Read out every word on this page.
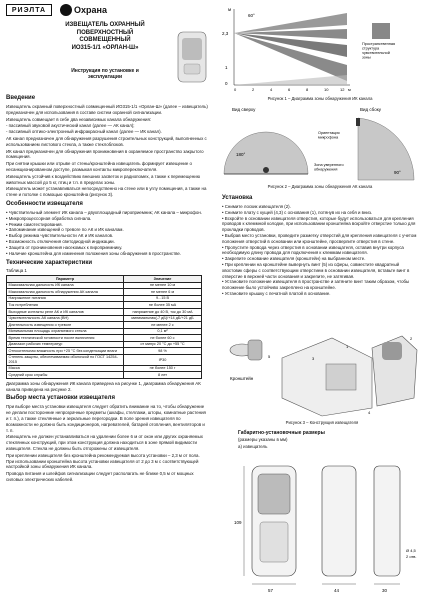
РИЭЛТА	Охрана
ИЗВЕЩАТЕЛЬ ОХРАННЫЙ
ПОВЕРХНОСТНЫЙ
СОВМЕЩЕННЫЙ
ИО315-1/1 «ОРЛАН-Ш»
Инструкция по установке и
эксплуатации
Введение

Извещатель охранный поверхностный совмещенный ИО315-1/1 «Орлан-Ш» (далее – извещатель) предназначен для использования в составе систем охранной сигнализации.

Извещатель совмещает в себе два независимых канала обнаружения:

- пассивный звуковой акустический канал (далее — АК канал);

- пассивный оптико-электронный инфракрасный канал (далее — ИК канал).

АК канал предназначен для обнаружения разрушения строительных конструкций, выполненных с использованием листового стекла, а также стеклоблоков.

ИК канал предназначен для обнаружения проникновения в охраняемое пространство закрытого помещения.

При снятии крышки или отрыве от стены/кронштейна извещатель формирует извещение о несанкционированном доступе, размыкая контакты микропереключателя.

Извещатель устойчив к воздействию внешних засветок и радиопомех, а также к перемещению животных массой до 5 кг, птиц и т.п. в пределах зоны.

Извещатель может устанавливаться непосредственно на стене или в углу помещения, а также на стене и потолке с помощью кронштейна (рисунок 3).

Особенности извещателя
• Чувствительный элемент ИК канала – двухплощадный пироприемник; АК канала – микрофон.
• Микропроцессорная обработка сигнала.
• Режим самотестирования.
• Запоминание извещений о тревоге по АК и ИК каналам.
• Выбор режима чувствительности АК и ИК каналов.
• Возможность отключения светодиодной индикации.
• Защита от проникновения насекомых к пироприемнику.
• Наличие кронштейна для изменения положения зоны обнаружения в пространстве.
Технические характеристики
Таблица 1
Параметр	Значение
Максимальная дальность ИК канала	не менее 10 м
Максимальная дальность обнаружения АК канала	не менее 6 м
Напряжение питания	9...15 В
Ток потребления	не более 35 мА
Выходные контакты реле АК и ИК каналов	напряжение до 40 В, ток до 30 мА
Чувствительность АК канала (ВН)	минимальная(-7 дБ)/+14 дБ/+21 дБ
Длительность извещения о тревоге	не менее 2 с
Минимальная площадь охраняемого стекла	0,1 м²
Время технической готовности после включения	не более 60 с
Диапазон рабочих температур	от минус 20 °С до +55 °С
Относительная влажность при +25 °С без конденсации влаги	98 %
Степень защиты, обеспечиваемая оболочкой по ГОСТ 14254-2015	IP30
Масса	не более 150 г
Средний срок службы	8 лет

Диаграмма зоны обнаружения ИК канала приведена на рисунке 1, диаграмма обнаружения АК канала приведена на рисунке 2.

Выбор места установки извещателя

При выборе места установки извещателя следует обратить внимание на то, чтобы обнаружение не делали посторонние непрозрачные предметы (шкафы, стеллажи, шторы, комнатные растения и т. п.), а также стеклянные и зеркальные перегородки. В поле зрения извещателя по возможности не должно быть кондиционеров, нагревателей, батарей отопления, вентиляторов и т. п.

Извещатель не должен устанавливаться на удалении более 6 м от окон или других охраняемых стеклянных конструкций, при этом конструкция должна находиться в зоне прямой видимости извещателя. Стекла не должны быть отгорожены от извещателя.

При креплении извещателя без кронштейна рекомендуемая высота установки – 2,3 м от пола. При использовании кронштейна высота установки извещателя от 2 до 3 м с соответствующей настройкой зоны обнаружения ИК канала.

Провода питания и шлейфов сигнализации следует располагать не ближе 0,5 м от мощных силовых электрических кабелей.

м
2,3
1
0
60°
0	2	4	6	8	10	12 м
Пространственная структура чувствительной зоны
Рисунок 1 – Диаграмма зоны обнаружения ИК канала
Вид сверху	Вид сбоку
180°
90°
Ориентация микрофона
Зона уверенного обнаружения
Рисунок 2 – Диаграмма зоны обнаружения АК канала
Установка
• Снимите лоскик извещателя (2).
• Снимите плату с кущей (4,3) с основания (1), потянув их на себя и вниз.
• Вскройте в основании извещателя отверстия, которые будут использоваться для крепления проводов к клеммной колодке, при использовании кронштейна вскройте отверстие только для прокладки проводов.
• Выбрав место установки, проведите разметку отверстий для крепления извещателя с учетом положения отверстий в основании или кронштейне, просверлите отверстия в стене.
• Пропустите провода через отверстия в основании извещателя, оставив внутри корпуса необходимую длину провода для подключения к клеммам извещателя.
• Закрепите основание извещателя (кронштейн) на выбранном месте.
• При креплении на кронштейне вывернуть винт (5) из сферы, совместите квадратный хвостовик сферы с соответствующим отверстием в основании извещателя, вставьте винт в отверстие в верхней части основания и закрепите, не затягивая.
• Установите положение извещателя в пространстве и затяните винт таким образом, чтобы положение было устойчиво закреплено на кронштейне.
• Установите крышку с печатной платой в основание.
Кронштейн
1
2
3
4
5
Рисунок 3 – Конструкция извещателя
Габаритно-установочные размеры
(размеры указаны в мм)
а) извещатель
109
57	44	30
Ø 4,5
2 отв.
